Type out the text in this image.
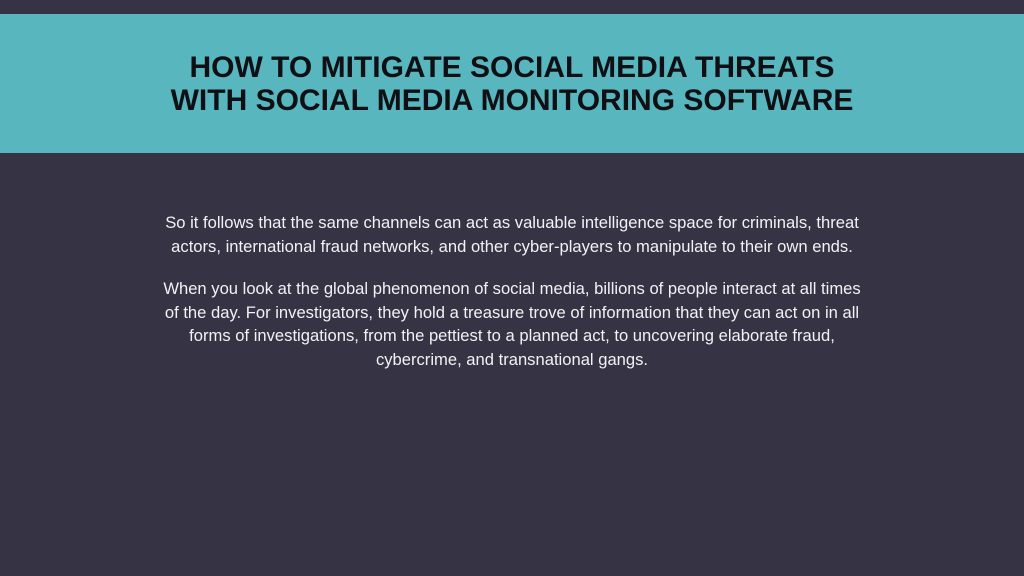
HOW TO MITIGATE SOCIAL MEDIA THREATS
WITH SOCIAL MEDIA MONITORING SOFTWARE

So it follows that the same channels can act as valuable intelligence space for criminals, threat
actors, international fraud networks, and other cyber-players to manipulate to their own ends.

When you look at the global phenomenon of social media, billions of people interact at all times
of the day. For investigators, they hold a treasure trove of information that they can act on in all
forms of investigations, from the pettiest to a planned act, to uncovering elaborate fraud,
cybercrime, and transnational gangs.
